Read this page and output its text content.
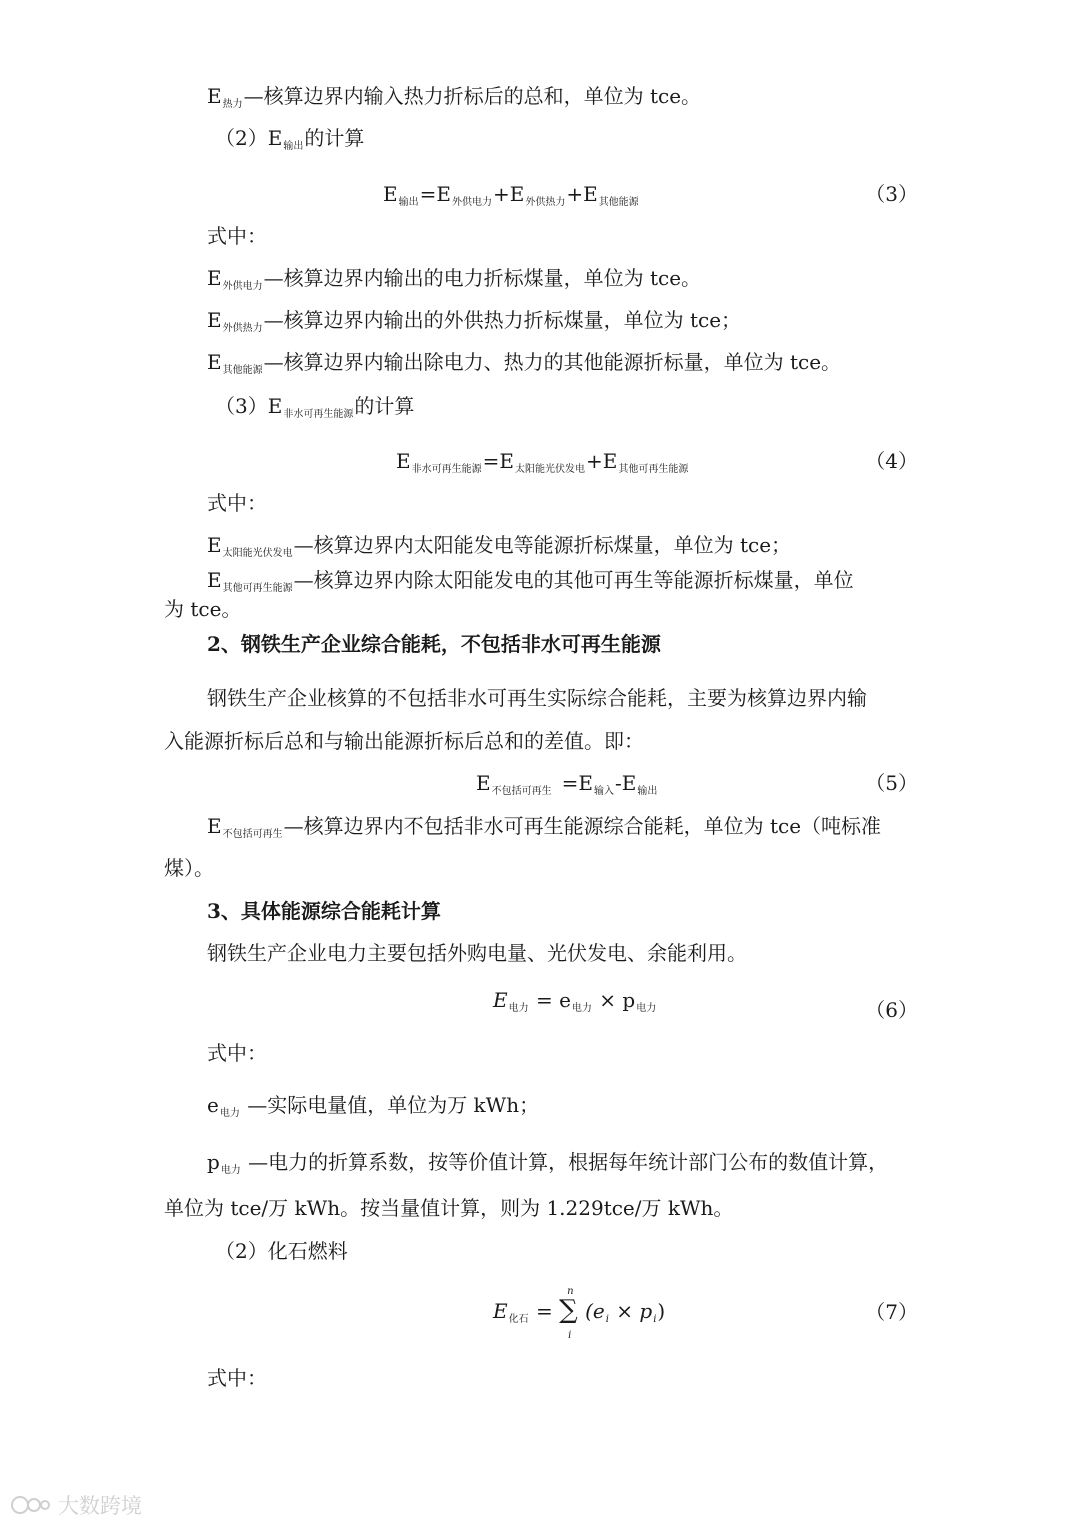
$E_{热力}—$核算边界内输入热力折标后的总和，单位为 tce。
$(2)E_{输出}$的计算
$E_{输出}=E_{外供电力}+E_{外供热力}+E_{其他能源}$	（3）
式中：
$E_{外供电力}—$核算边界内输出的电力折标煤量，单位为 tce。
$E_{外供热力}—$核算边界内输出的外供热力折标煤量，单位为 tce；
$E_{其他能源}—$核算边界内输出除电力、热力的其他能源折标量，单位为 tce。
$(3)E_{非水可再生能源}$的计算
$E_{非水可再生能源}=E_{太阳能光伏发电}+E_{其他可再生能源}$	（4）
式中：
$E_{太阳能光伏发电}—$核算边界内太阳能发电等能源折标煤量，单位为 tce；
$E_{其他可再生能源}—$核算边界内除太阳能发电的其他可再生等能源折标煤量，单位
为 tce。
2、钢铁生产企业综合能耗，不包括非水可再生能源
钢铁生产企业核算的不包括非水可再生实际综合能耗，主要为核算边界内输
入能源折标后总和与输出能源折标后总和的差值。即：
$E_{不包括可再生} =E_{输入}-E_{输出}$	（5）
$E_{不包括可再生}—$核算边界内不包括非水可再生能源综合能耗，单位为 tce（吨标准
煤）。
3、具体能源综合能耗计算
钢铁生产企业电力主要包括外购电量、光伏发电、余能利用。
$E_{电力} = e_{电力} \times p_{电力}$	（6）
式中：
$e_{电力}$ —实际电量值，单位为万 kWh；
$p_{电力}$ —电力的折算系数，按等价值计算，根据每年统计部门公布的数值计算，
单位为 tce/万 kWh。按当量值计算，则为 1.229tce/万 kWh。
（2）化石燃料
$E_{化石}$ =
n
∑
i
$(e_i \times p_i)$	（7）
式中：
大数跨境
